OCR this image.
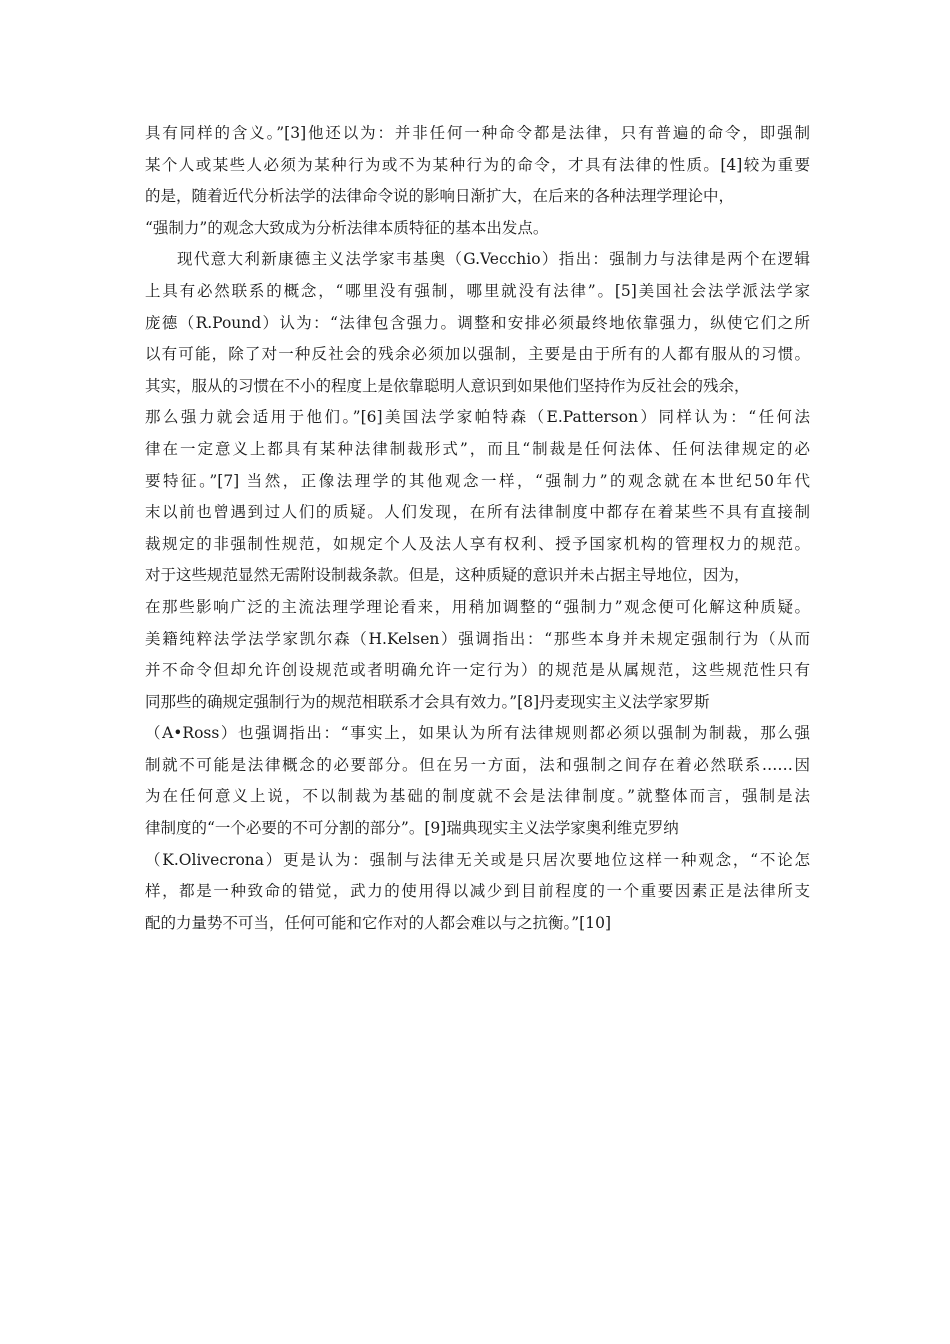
具有同样的含义。”[3]他还以为：并非任何一种命令都是法律，只有普遍的命令，即强制
某个人或某些人必须为某种行为或不为某种行为的命令，才具有法律的性质。[4]较为重要
的是，随着近代分析法学的法律命令说的影响日渐扩大，在后来的各种法理学理论中，
“强制力”的观念大致成为分析法律本质特征的基本出发点。
现代意大利新康德主义法学家韦基奥（G.Vecchio）指出：强制力与法律是两个在逻辑
上具有必然联系的概念，“哪里没有强制，哪里就没有法律”。[5]美国社会法学派法学家
庞德（R.Pound）认为：“法律包含强力。调整和安排必须最终地依靠强力，纵使它们之所
以有可能，除了对一种反社会的残余必须加以强制，主要是由于所有的人都有服从的习惯。
其实，服从的习惯在不小的程度上是依靠聪明人意识到如果他们坚持作为反社会的残余，
那么强力就会适用于他们。”[6]美国法学家帕特森（E.Patterson）同样认为：“任何法
律在一定意义上都具有某种法律制裁形式”，而且“制裁是任何法体、任何法律规定的必
要特征。”[7] 当然，正像法理学的其他观念一样，“强制力”的观念就在本世纪50年代
末以前也曾遇到过人们的质疑。人们发现，在所有法律制度中都存在着某些不具有直接制
裁规定的非强制性规范，如规定个人及法人享有权利、授予国家机构的管理权力的规范。
对于这些规范显然无需附设制裁条款。但是，这种质疑的意识并未占据主导地位，因为，
在那些影响广泛的主流法理学理论看来，用稍加调整的“强制力”观念便可化解这种质疑。
美籍纯粹法学法学家凯尔森（H.Kelsen）强调指出：“那些本身并未规定强制行为（从而
并不命令但却允许创设规范或者明确允许一定行为）的规范是从属规范，这些规范性只有
同那些的确规定强制行为的规范相联系才会具有效力。”[8]丹麦现实主义法学家罗斯
（A•Ross）也强调指出：“事实上，如果认为所有法律规则都必须以强制为制裁，那么强
制就不可能是法律概念的必要部分。但在另一方面，法和强制之间存在着必然联系……因
为在任何意义上说，不以制裁为基础的制度就不会是法律制度。”就整体而言，强制是法
律制度的“一个必要的不可分割的部分”。[9]瑞典现实主义法学家奥利维克罗纳
（K.Olivecrona）更是认为：强制与法律无关或是只居次要地位这样一种观念，“不论怎
样，都是一种致命的错觉，武力的使用得以减少到目前程度的一个重要因素正是法律所支
配的力量势不可当，任何可能和它作对的人都会难以与之抗衡。”[10]
